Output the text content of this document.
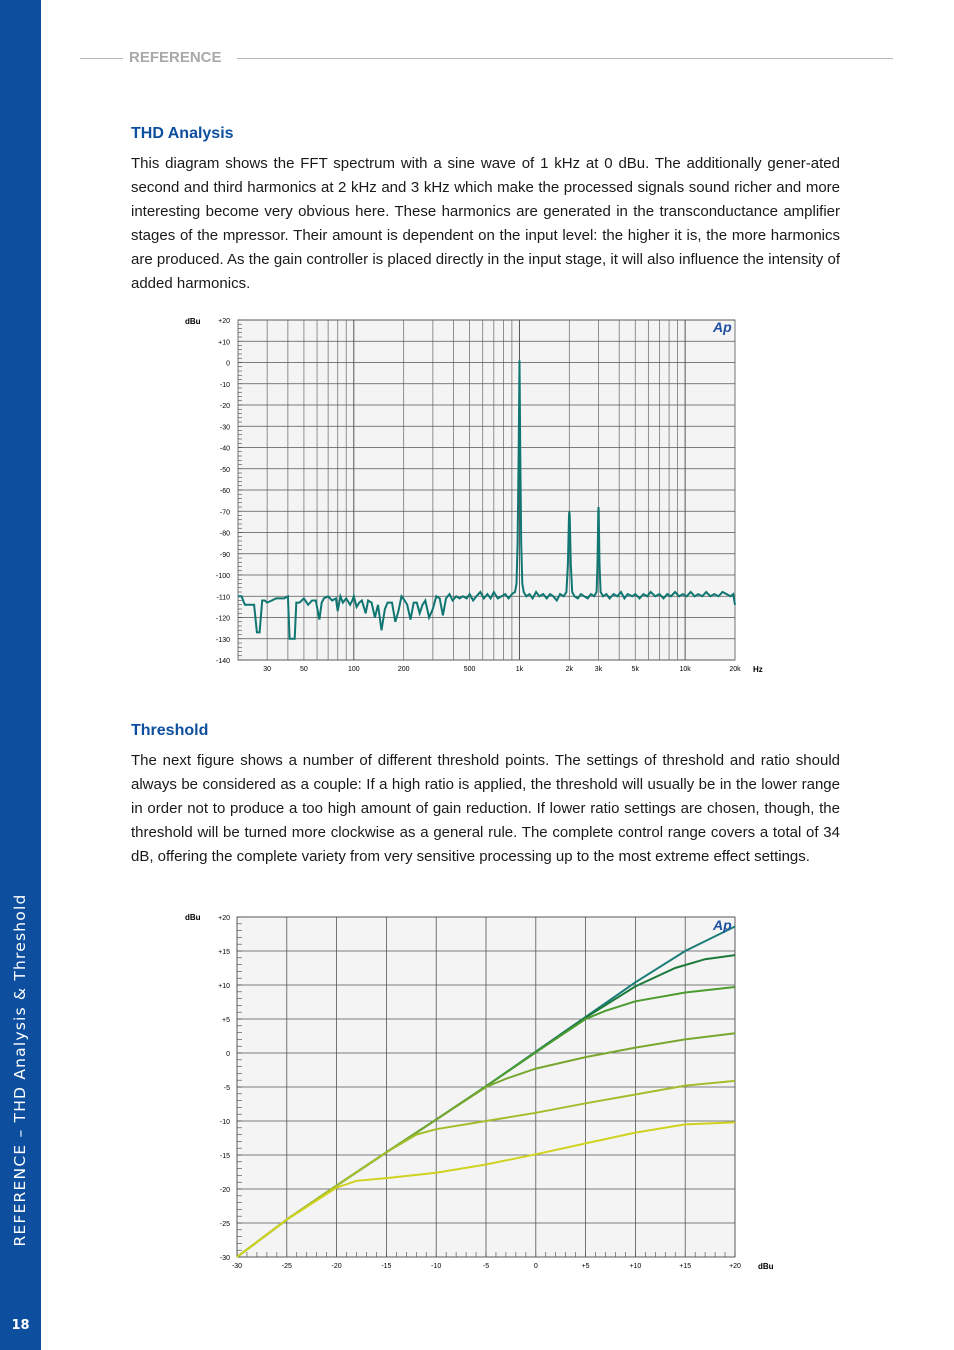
REFERENCE – THD Analysis & Threshold
18
REFERENCE
THD Analysis

This diagram shows the FFT spectrum with a sine wave of 1 kHz at 0 dBu. The additionally gener-ated second and third harmonics at 2 kHz and 3 kHz which make the processed signals sound richer and more interesting become very obvious here. These harmonics are generated in the transconductance amplifier stages of the mpressor. Their amount is dependent on the input level: the higher it is, the more harmonics are produced. As the gain controller is placed directly in the input stage, it will also influence the intensity of added harmonics.

+20
+10
0
-10
-20
-30
-40
-50
-60
-70
-80
-90
-100
-110
-120
-130
-140
30	50	100	200	500	1k	2k	3k	5k	10k	20k
dBu
Hz
Ap
Threshold

The next figure shows a number of different threshold points. The settings of threshold and ratio should always be considered as a couple: If a high ratio is applied, the threshold will usually be in the lower range in order not to produce a too high amount of gain reduction. If lower ratio settings are chosen, though, the threshold will be turned more clockwise as a general rule. The complete control range covers a total of 34 dB, offering the complete variety from very sensitive processing up to the most extreme effect settings.

+20
+15
+10
+5
0
-5
-10
-15
-20
-25
-30
-30	-25	-20	-15	-10	-5	0	+5	+10	+15	+20
dBu
dBu
Ap
